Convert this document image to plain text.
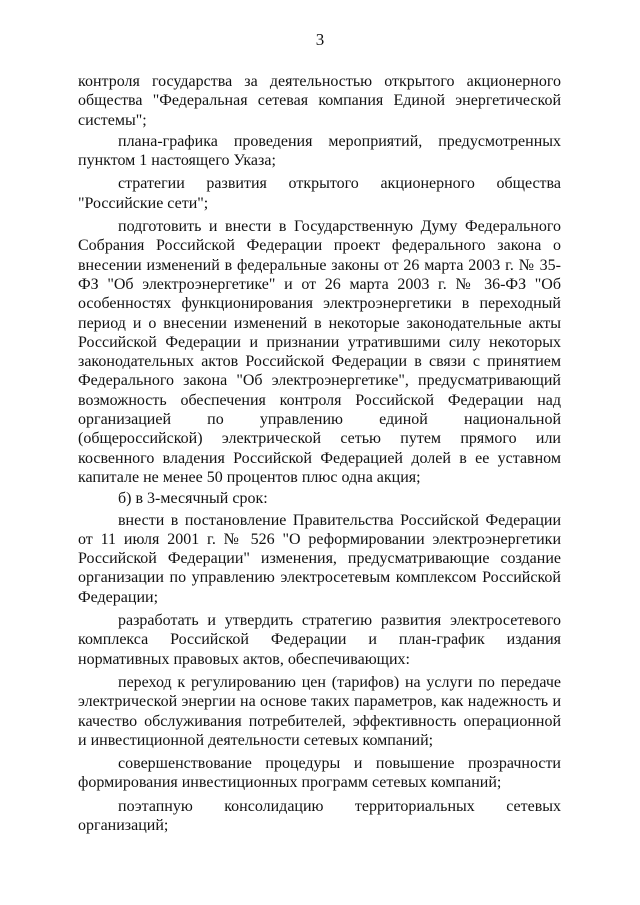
3

контроля государства за деятельностью открытого акционерного общества "Федеральная сетевая компания Единой энергетической системы";

плана-графика проведения мероприятий, предусмотренных пунктом 1 настоящего Указа;

стратегии развития открытого акционерного общества "Российские сети";

подготовить и внести в Государственную Думу Федерального Собрания Российской Федерации проект федерального закона о внесении изменений в федеральные законы от 26 марта 2003 г. № 35-ФЗ "Об электроэнергетике" и от 26 марта 2003 г. № 36-ФЗ "Об особенностях функционирования электроэнергетики в переходный период и о внесении изменений в некоторые законодательные акты Российской Федерации и признании утратившими силу некоторых законодательных актов Российской Федерации в связи с принятием Федерального закона "Об электроэнергетике", предусматривающий возможность обеспечения контроля Российской Федерации над организацией по управлению единой национальной (общероссийской) электрической сетью путем прямого или косвенного владения Российской Федерацией долей в ее уставном капитале не менее 50 процентов плюс одна акция;

б) в 3-месячный срок:

внести в постановление Правительства Российской Федерации от 11 июля 2001 г. № 526 "О реформировании электроэнергетики Российской Федерации" изменения, предусматривающие создание организации по управлению электросетевым комплексом Российской Федерации;

разработать и утвердить стратегию развития электросетевого комплекса Российской Федерации и план-график издания нормативных правовых актов, обеспечивающих:

переход к регулированию цен (тарифов) на услуги по передаче электрической энергии на основе таких параметров, как надежность и качество обслуживания потребителей, эффективность операционной и инвестиционной деятельности сетевых компаний;

совершенствование процедуры и повышение прозрачности формирования инвестиционных программ сетевых компаний;

поэтапную консолидацию территориальных сетевых организаций;
